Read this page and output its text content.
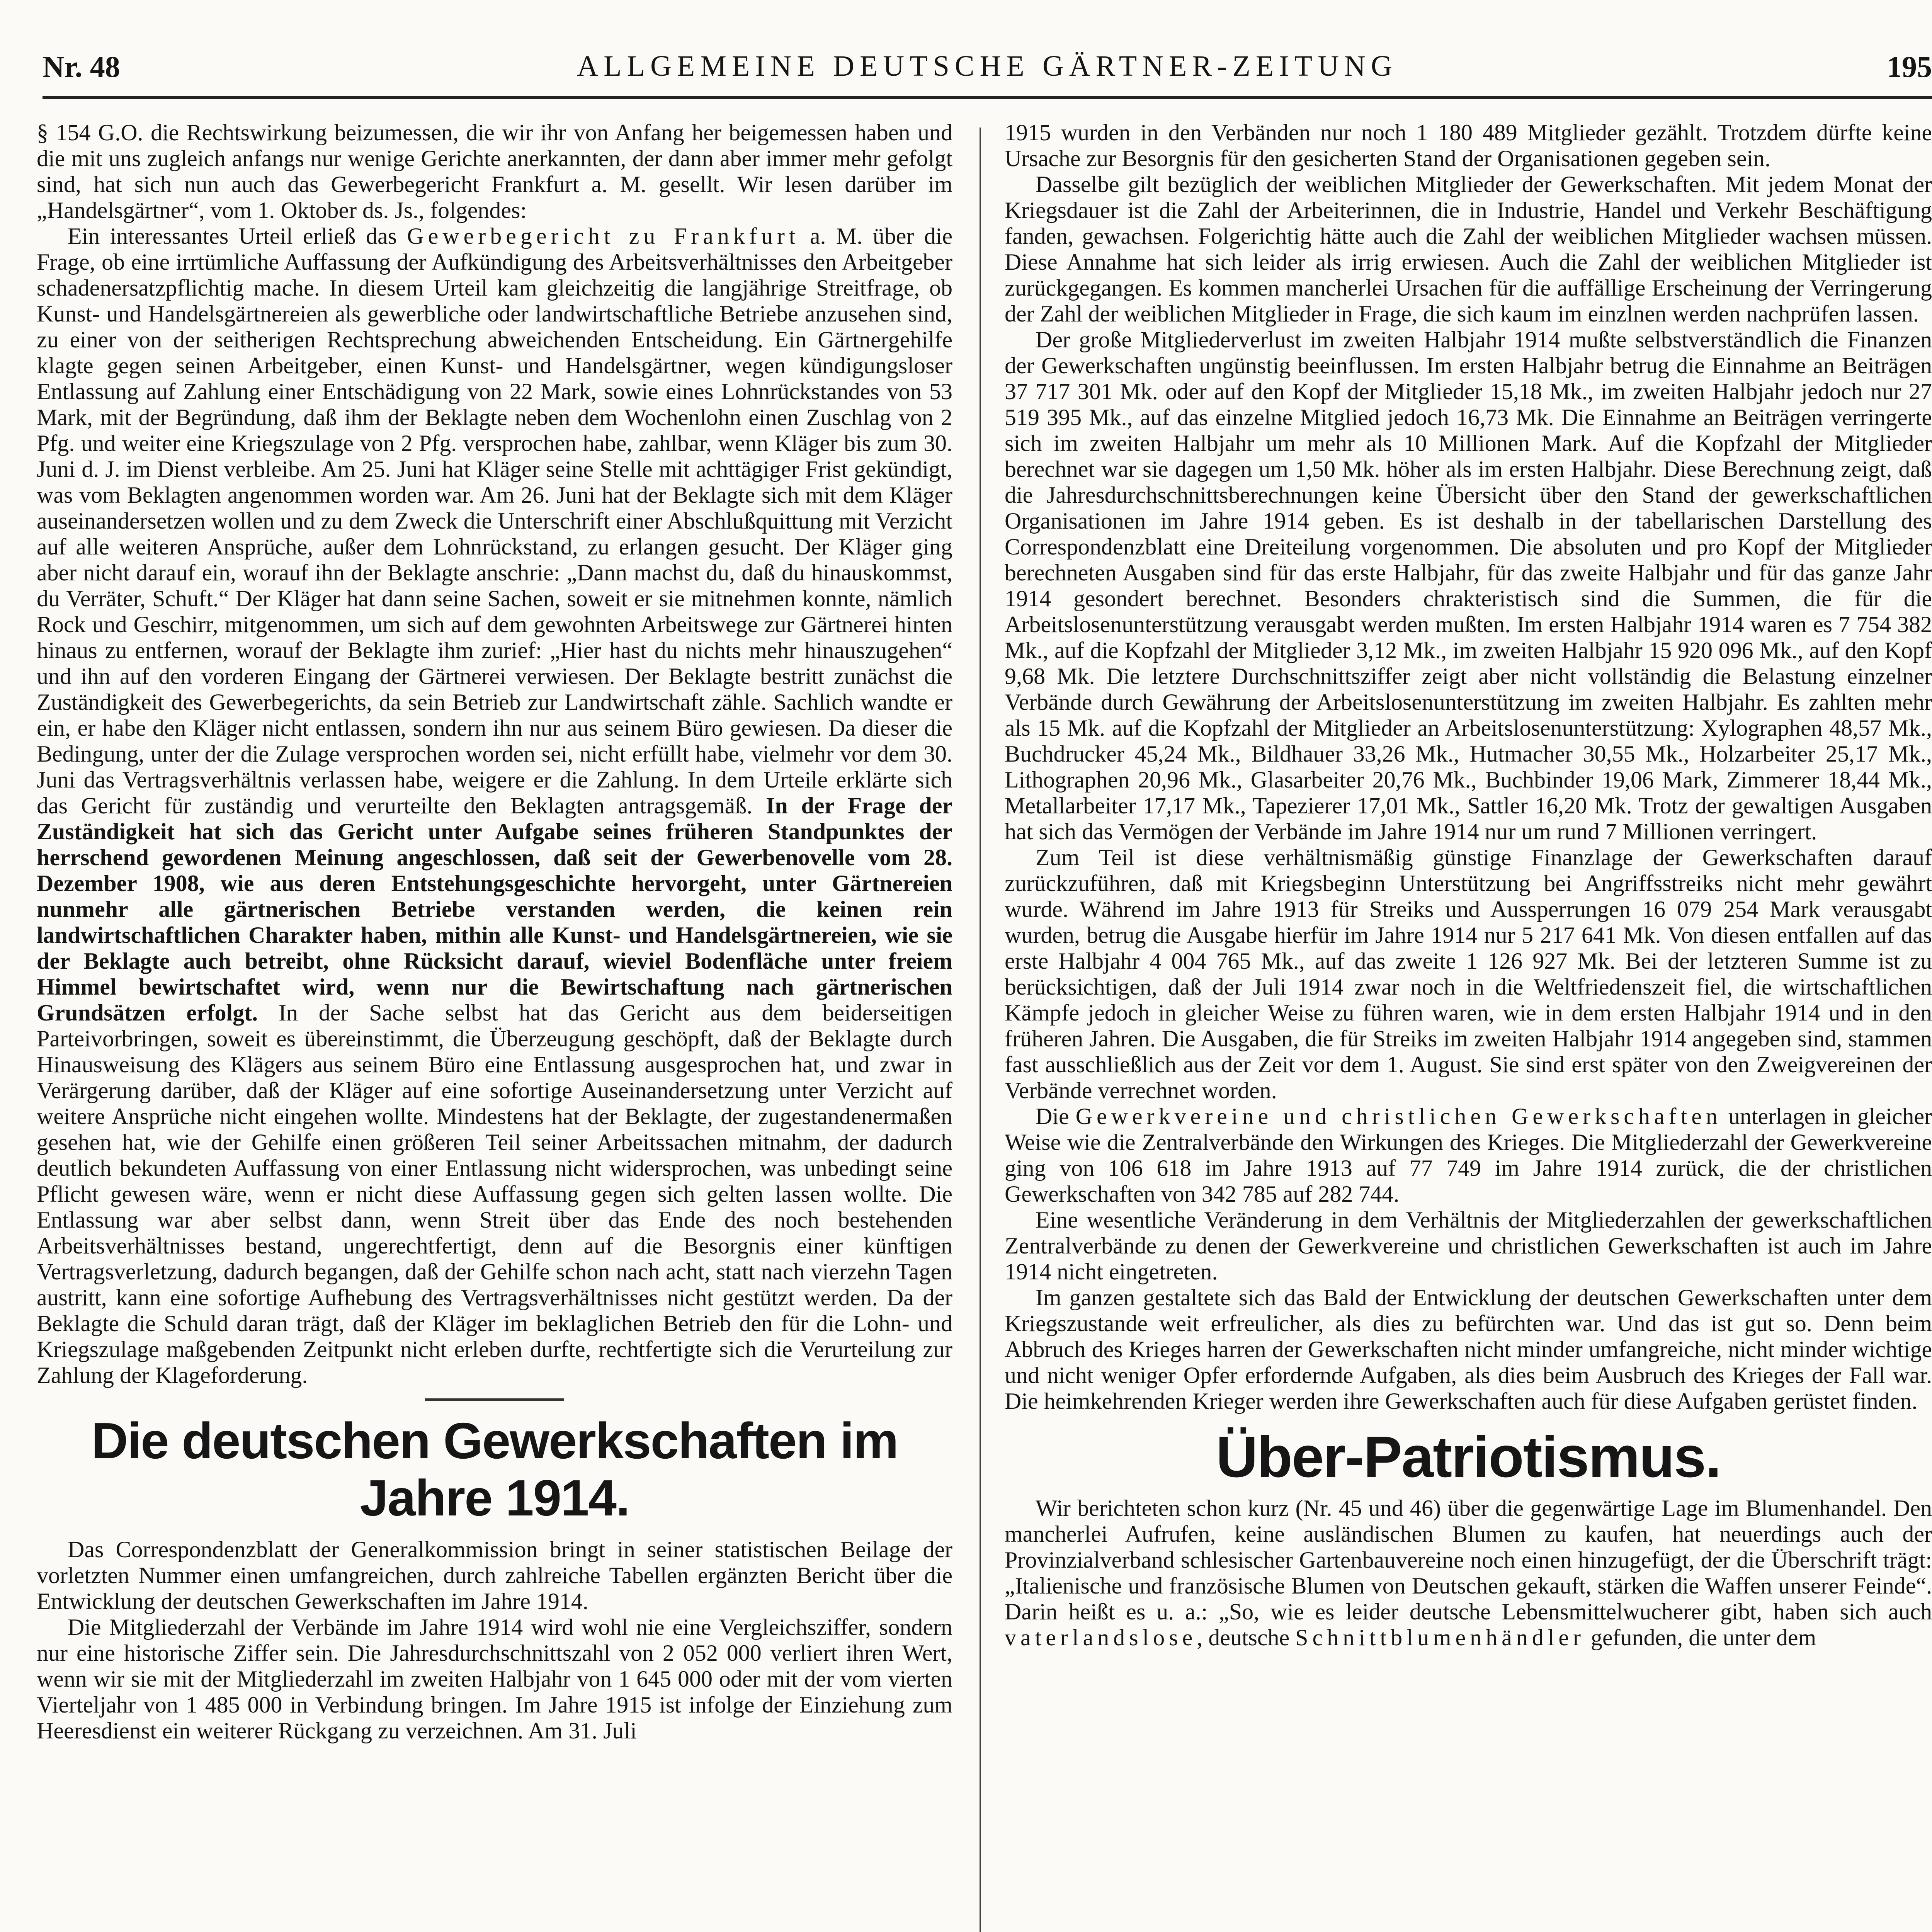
ALLGEMEINE DEUTSCHE GÄRTNER-ZEITUNG
Nr. 48	195

§ 154 G.O. die Rechtswirkung beizumessen, die wir ihr von Anfang her beigemessen haben und die mit uns zugleich anfangs nur wenige Gerichte anerkannten, der dann aber immer mehr gefolgt sind, hat sich nun auch das Gewerbegericht Frankfurt a. M. gesellt. Wir lesen darüber im „Handelsgärtner“, vom 1. Oktober ds. Js., folgendes:

Ein interessantes Urteil erließ das Gewerbegericht zu Frankfurt a. M. über die Frage, ob eine irrtümliche Auffassung der Aufkündigung des Arbeitsverhältnisses den Arbeitgeber schadenersatzpflichtig mache. In diesem Urteil kam gleichzeitig die langjährige Streitfrage, ob Kunst- und Handelsgärtnereien als gewerbliche oder landwirtschaftliche Betriebe anzusehen sind, zu einer von der seitherigen Rechtsprechung abweichenden Entscheidung. Ein Gärtnergehilfe klagte gegen seinen Arbeitgeber, einen Kunst- und Handelsgärtner, wegen kündigungsloser Entlassung auf Zahlung einer Entschädigung von 22 Mark, sowie eines Lohnrückstandes von 53 Mark, mit der Begründung, daß ihm der Beklagte neben dem Wochenlohn einen Zuschlag von 2 Pfg. und weiter eine Kriegszulage von 2 Pfg. versprochen habe, zahlbar, wenn Kläger bis zum 30. Juni d. J. im Dienst verbleibe. Am 25. Juni hat Kläger seine Stelle mit achttägiger Frist gekündigt, was vom Beklagten angenommen worden war. Am 26. Juni hat der Beklagte sich mit dem Kläger auseinandersetzen wollen und zu dem Zweck die Unterschrift einer Abschlußquittung mit Verzicht auf alle weiteren Ansprüche, außer dem Lohnrückstand, zu erlangen gesucht. Der Kläger ging aber nicht darauf ein, worauf ihn der Beklagte anschrie: „Dann machst du, daß du hinauskommst, du Verräter, Schuft.“ Der Kläger hat dann seine Sachen, soweit er sie mitnehmen konnte, nämlich Rock und Geschirr, mitgenommen, um sich auf dem gewohnten Arbeitswege zur Gärtnerei hinten hinaus zu entfernen, worauf der Beklagte ihm zurief: „Hier hast du nichts mehr hinauszugehen“ und ihn auf den vorderen Eingang der Gärtnerei verwiesen. Der Beklagte bestritt zunächst die Zuständigkeit des Gewerbegerichts, da sein Betrieb zur Landwirtschaft zähle. Sachlich wandte er ein, er habe den Kläger nicht entlassen, sondern ihn nur aus seinem Büro gewiesen. Da dieser die Bedingung, unter der die Zulage versprochen worden sei, nicht erfüllt habe, vielmehr vor dem 30. Juni das Vertragsverhältnis verlassen habe, weigere er die Zahlung. In dem Urteile erklärte sich das Gericht für zuständig und verurteilte den Beklagten antragsgemäß. In der Frage der Zuständigkeit hat sich das Gericht unter Aufgabe seines früheren Standpunktes der herrschend gewordenen Meinung angeschlossen, daß seit der Gewerbenovelle vom 28. Dezember 1908, wie aus deren Entstehungsgeschichte hervorgeht, unter Gärtnereien nunmehr alle gärtnerischen Betriebe verstanden werden, die keinen rein landwirtschaftlichen Charakter haben, mithin alle Kunst- und Handelsgärtnereien, wie sie der Beklagte auch betreibt, ohne Rücksicht darauf, wieviel Bodenfläche unter freiem Himmel bewirtschaftet wird, wenn nur die Bewirtschaftung nach gärtnerischen Grundsätzen erfolgt. In der Sache selbst hat das Gericht aus dem beiderseitigen Parteivorbringen, soweit es übereinstimmt, die Überzeugung geschöpft, daß der Beklagte durch Hinausweisung des Klägers aus seinem Büro eine Entlassung ausgesprochen hat, und zwar in Verärgerung darüber, daß der Kläger auf eine sofortige Auseinandersetzung unter Verzicht auf weitere Ansprüche nicht eingehen wollte. Mindestens hat der Beklagte, der zugestandenermaßen gesehen hat, wie der Gehilfe einen größeren Teil seiner Arbeitssachen mitnahm, der dadurch deutlich bekundeten Auffassung von einer Entlassung nicht widersprochen, was unbedingt seine Pflicht gewesen wäre, wenn er nicht diese Auffassung gegen sich gelten lassen wollte. Die Entlassung war aber selbst dann, wenn Streit über das Ende des noch bestehenden Arbeitsverhältnisses bestand, ungerechtfertigt, denn auf die Besorgnis einer künftigen Vertragsverletzung, dadurch begangen, daß der Gehilfe schon nach acht, statt nach vierzehn Tagen austritt, kann eine sofortige Aufhebung des Vertragsverhältnisses nicht gestützt werden. Da der Beklagte die Schuld daran trägt, daß der Kläger im beklaglichen Betrieb den für die Lohn- und Kriegszulage maßgebenden Zeitpunkt nicht erleben durfte, rechtfertigte sich die Verurteilung zur Zahlung der Klageforderung.

Die deutschen Gewerkschaften im Jahre 1914.

Das Correspondenzblatt der Generalkommission bringt in seiner statistischen Beilage der vorletzten Nummer einen umfangreichen, durch zahlreiche Tabellen ergänzten Bericht über die Entwicklung der deutschen Gewerkschaften im Jahre 1914.

Die Mitgliederzahl der Verbände im Jahre 1914 wird wohl nie eine Vergleichsziffer, sondern nur eine historische Ziffer sein. Die Jahresdurchschnittszahl von 2 052 000 verliert ihren Wert, wenn wir sie mit der Mitgliederzahl im zweiten Halbjahr von 1 645 000 oder mit der vom vierten Vierteljahr von 1 485 000 in Verbindung bringen. Im Jahre 1915 ist infolge der Einziehung zum Heeresdienst ein weiterer Rückgang zu verzeichnen. Am 31. Juli

1915 wurden in den Verbänden nur noch 1 180 489 Mitglieder gezählt. Trotzdem dürfte keine Ursache zur Besorgnis für den gesicherten Stand der Organisationen gegeben sein.

Dasselbe gilt bezüglich der weiblichen Mitglieder der Gewerkschaften. Mit jedem Monat der Kriegsdauer ist die Zahl der Arbeiterinnen, die in Industrie, Handel und Verkehr Beschäftigung fanden, gewachsen. Folgerichtig hätte auch die Zahl der weiblichen Mitglieder wachsen müssen. Diese Annahme hat sich leider als irrig erwiesen. Auch die Zahl der weiblichen Mitglieder ist zurückgegangen. Es kommen mancherlei Ursachen für die auffällige Erscheinung der Verringerung der Zahl der weiblichen Mitglieder in Frage, die sich kaum im einzlnen werden nachprüfen lassen.

Der große Mitgliederverlust im zweiten Halbjahr 1914 mußte selbstverständlich die Finanzen der Gewerkschaften ungünstig beeinflussen. Im ersten Halbjahr betrug die Einnahme an Beiträgen 37 717 301 Mk. oder auf den Kopf der Mitglieder 15,18 Mk., im zweiten Halbjahr jedoch nur 27 519 395 Mk., auf das einzelne Mitglied jedoch 16,73 Mk. Die Einnahme an Beiträgen verringerte sich im zweiten Halbjahr um mehr als 10 Millionen Mark. Auf die Kopfzahl der Mitglieder berechnet war sie dagegen um 1,50 Mk. höher als im ersten Halbjahr. Diese Berechnung zeigt, daß die Jahresdurchschnittsberechnungen keine Übersicht über den Stand der gewerkschaftlichen Organisationen im Jahre 1914 geben. Es ist deshalb in der tabellarischen Darstellung des Correspondenzblatt eine Dreiteilung vorgenommen. Die absoluten und pro Kopf der Mitglieder berechneten Ausgaben sind für das erste Halbjahr, für das zweite Halbjahr und für das ganze Jahr 1914 gesondert berechnet. Besonders chrakteristisch sind die Summen, die für die Arbeitslosenunterstützung verausgabt werden mußten. Im ersten Halbjahr 1914 waren es 7 754 382 Mk., auf die Kopfzahl der Mitglieder 3,12 Mk., im zweiten Halbjahr 15 920 096 Mk., auf den Kopf 9,68 Mk. Die letztere Durchschnittsziffer zeigt aber nicht vollständig die Belastung einzelner Verbände durch Gewährung der Arbeitslosenunterstützung im zweiten Halbjahr. Es zahlten mehr als 15 Mk. auf die Kopfzahl der Mitglieder an Arbeitslosenunterstützung: Xylographen 48,57 Mk., Buchdrucker 45,24 Mk., Bildhauer 33,26 Mk., Hutmacher 30,55 Mk., Holzarbeiter 25,17 Mk., Lithographen 20,96 Mk., Glasarbeiter 20,76 Mk., Buchbinder 19,06 Mark, Zimmerer 18,44 Mk., Metallarbeiter 17,17 Mk., Tapezierer 17,01 Mk., Sattler 16,20 Mk. Trotz der gewaltigen Ausgaben hat sich das Vermögen der Verbände im Jahre 1914 nur um rund 7 Millionen verringert.

Zum Teil ist diese verhältnismäßig günstige Finanzlage der Gewerkschaften darauf zurückzuführen, daß mit Kriegsbeginn Unterstützung bei Angriffsstreiks nicht mehr gewährt wurde. Während im Jahre 1913 für Streiks und Aussperrungen 16 079 254 Mark verausgabt wurden, betrug die Ausgabe hierfür im Jahre 1914 nur 5 217 641 Mk. Von diesen entfallen auf das erste Halbjahr 4 004 765 Mk., auf das zweite 1 126 927 Mk. Bei der letzteren Summe ist zu berücksichtigen, daß der Juli 1914 zwar noch in die Weltfriedenszeit fiel, die wirtschaftlichen Kämpfe jedoch in gleicher Weise zu führen waren, wie in dem ersten Halbjahr 1914 und in den früheren Jahren. Die Ausgaben, die für Streiks im zweiten Halbjahr 1914 angegeben sind, stammen fast ausschließlich aus der Zeit vor dem 1. August. Sie sind erst später von den Zweigvereinen der Verbände verrechnet worden.

Die Gewerkvereine und christlichen Gewerkschaften unterlagen in gleicher Weise wie die Zentralverbände den Wirkungen des Krieges. Die Mitgliederzahl der Gewerkvereine ging von 106 618 im Jahre 1913 auf 77 749 im Jahre 1914 zurück, die der christlichen Gewerkschaften von 342 785 auf 282 744.

Eine wesentliche Veränderung in dem Verhältnis der Mitgliederzahlen der gewerkschaftlichen Zentralverbände zu denen der Gewerkvereine und christlichen Gewerkschaften ist auch im Jahre 1914 nicht eingetreten.

Im ganzen gestaltete sich das Bald der Entwicklung der deutschen Gewerkschaften unter dem Kriegszustande weit erfreulicher, als dies zu befürchten war. Und das ist gut so. Denn beim Abbruch des Krieges harren der Gewerkschaften nicht minder umfangreiche, nicht minder wichtige und nicht weniger Opfer erfordernde Aufgaben, als dies beim Ausbruch des Krieges der Fall war. Die heimkehrenden Krieger werden ihre Gewerkschaften auch für diese Aufgaben gerüstet finden.

Über-Patriotismus.

Wir berichteten schon kurz (Nr. 45 und 46) über die gegenwärtige Lage im Blumenhandel. Den mancherlei Aufrufen, keine ausländischen Blumen zu kaufen, hat neuerdings auch der Provinzialverband schlesischer Gartenbauvereine noch einen hinzugefügt, der die Überschrift trägt: „Italienische und französische Blumen von Deutschen gekauft, stärken die Waffen unserer Feinde“. Darin heißt es u. a.: „So, wie es leider deutsche Lebensmittelwucherer gibt, haben sich auch vaterlandslose, deutsche Schnittblumenhändler gefunden, die unter dem
